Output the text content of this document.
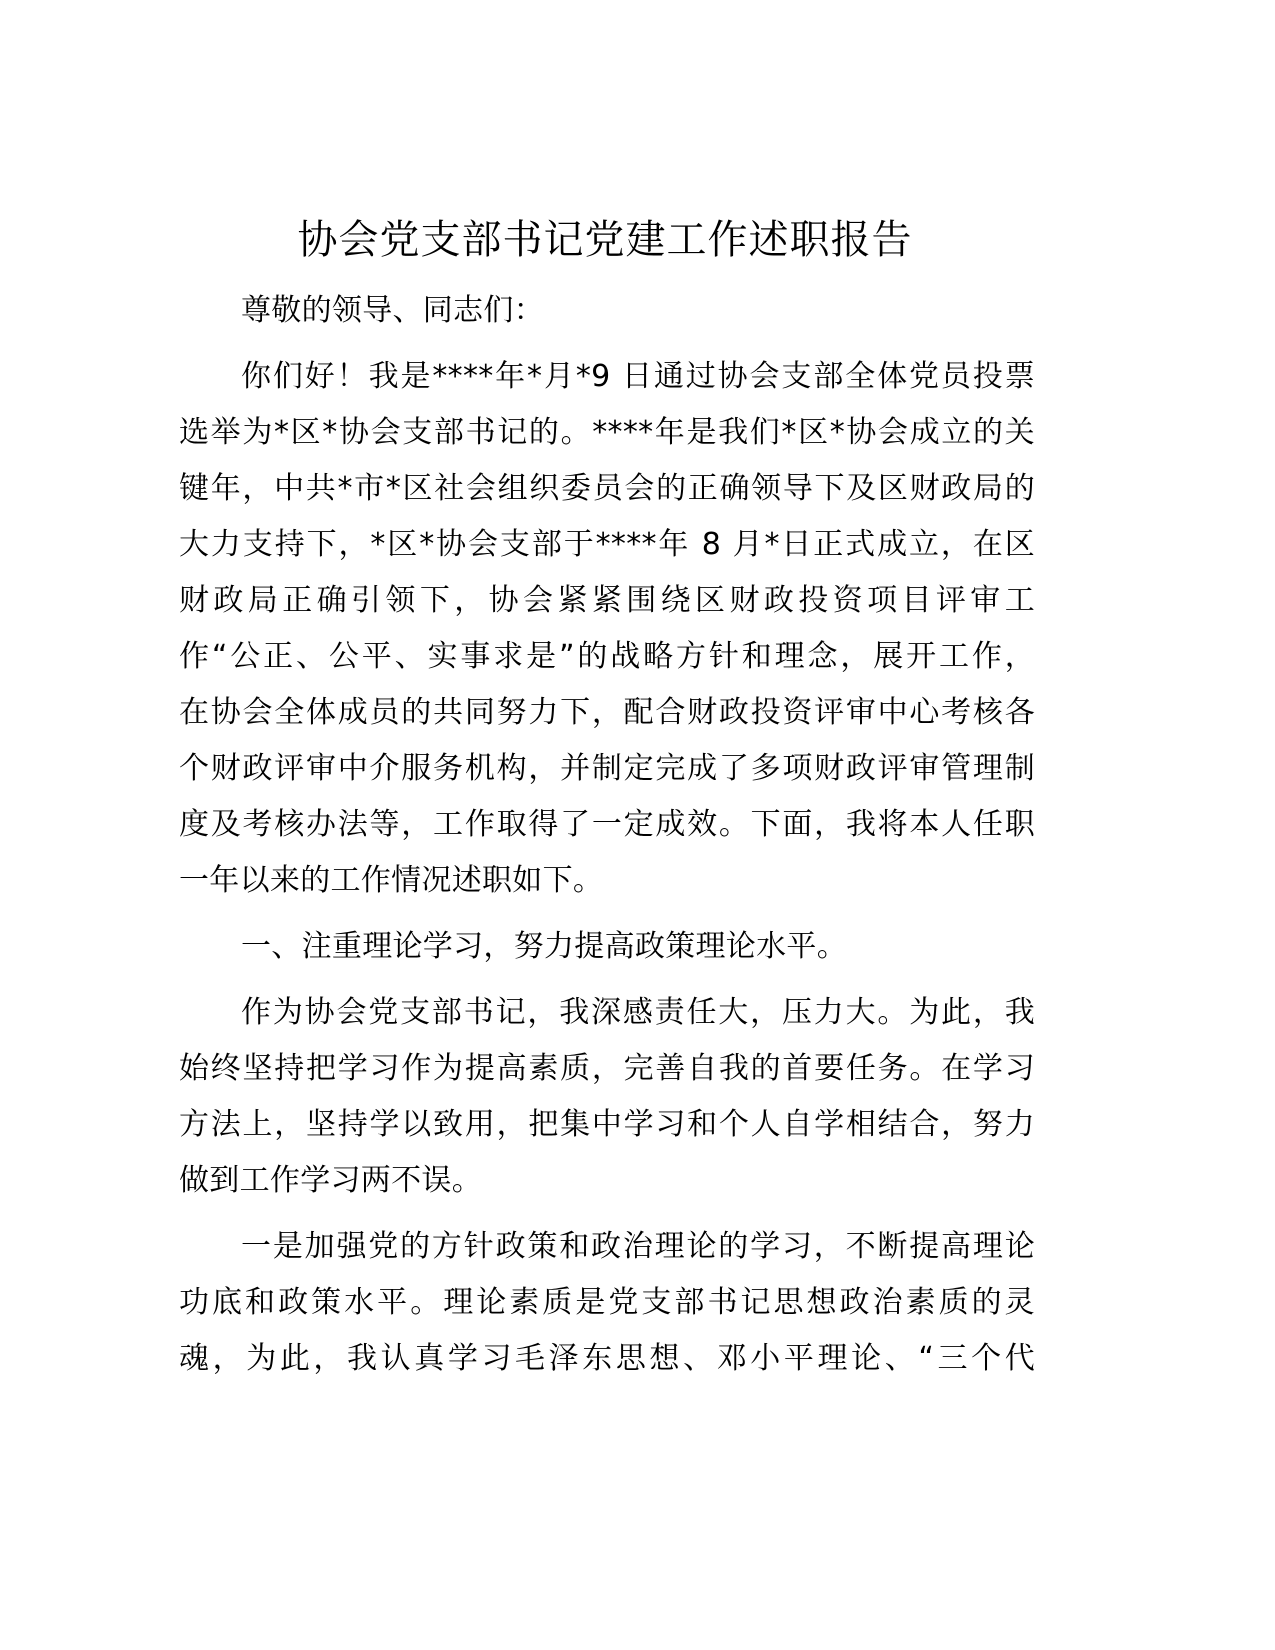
协会党支部书记党建工作述职报告

尊敬的领导、同志们：

你们好！我是****年*月*9 日通过协会支部全体党员投票
选举为*区*协会支部书记的。****年是我们*区*协会成立的关
键年，中共*市*区社会组织委员会的正确领导下及区财政局的
大力支持下，*区*协会支部于****年 8 月*日正式成立，在区
财政局正确引领下，协会紧紧围绕区财政投资项目评审工
作“公正、公平、实事求是”的战略方针和理念，展开工作，
在协会全体成员的共同努力下，配合财政投资评审中心考核各
个财政评审中介服务机构，并制定完成了多项财政评审管理制
度及考核办法等，工作取得了一定成效。下面，我将本人任职
一年以来的工作情况述职如下。

一、注重理论学习，努力提高政策理论水平。

作为协会党支部书记，我深感责任大，压力大。为此，我
始终坚持把学习作为提高素质，完善自我的首要任务。在学习
方法上，坚持学以致用，把集中学习和个人自学相结合，努力
做到工作学习两不误。

一是加强党的方针政策和政治理论的学习，不断提高理论
功底和政策水平。理论素质是党支部书记思想政治素质的灵
魂，为此，我认真学习毛泽东思想、邓小平理论、“三个代
